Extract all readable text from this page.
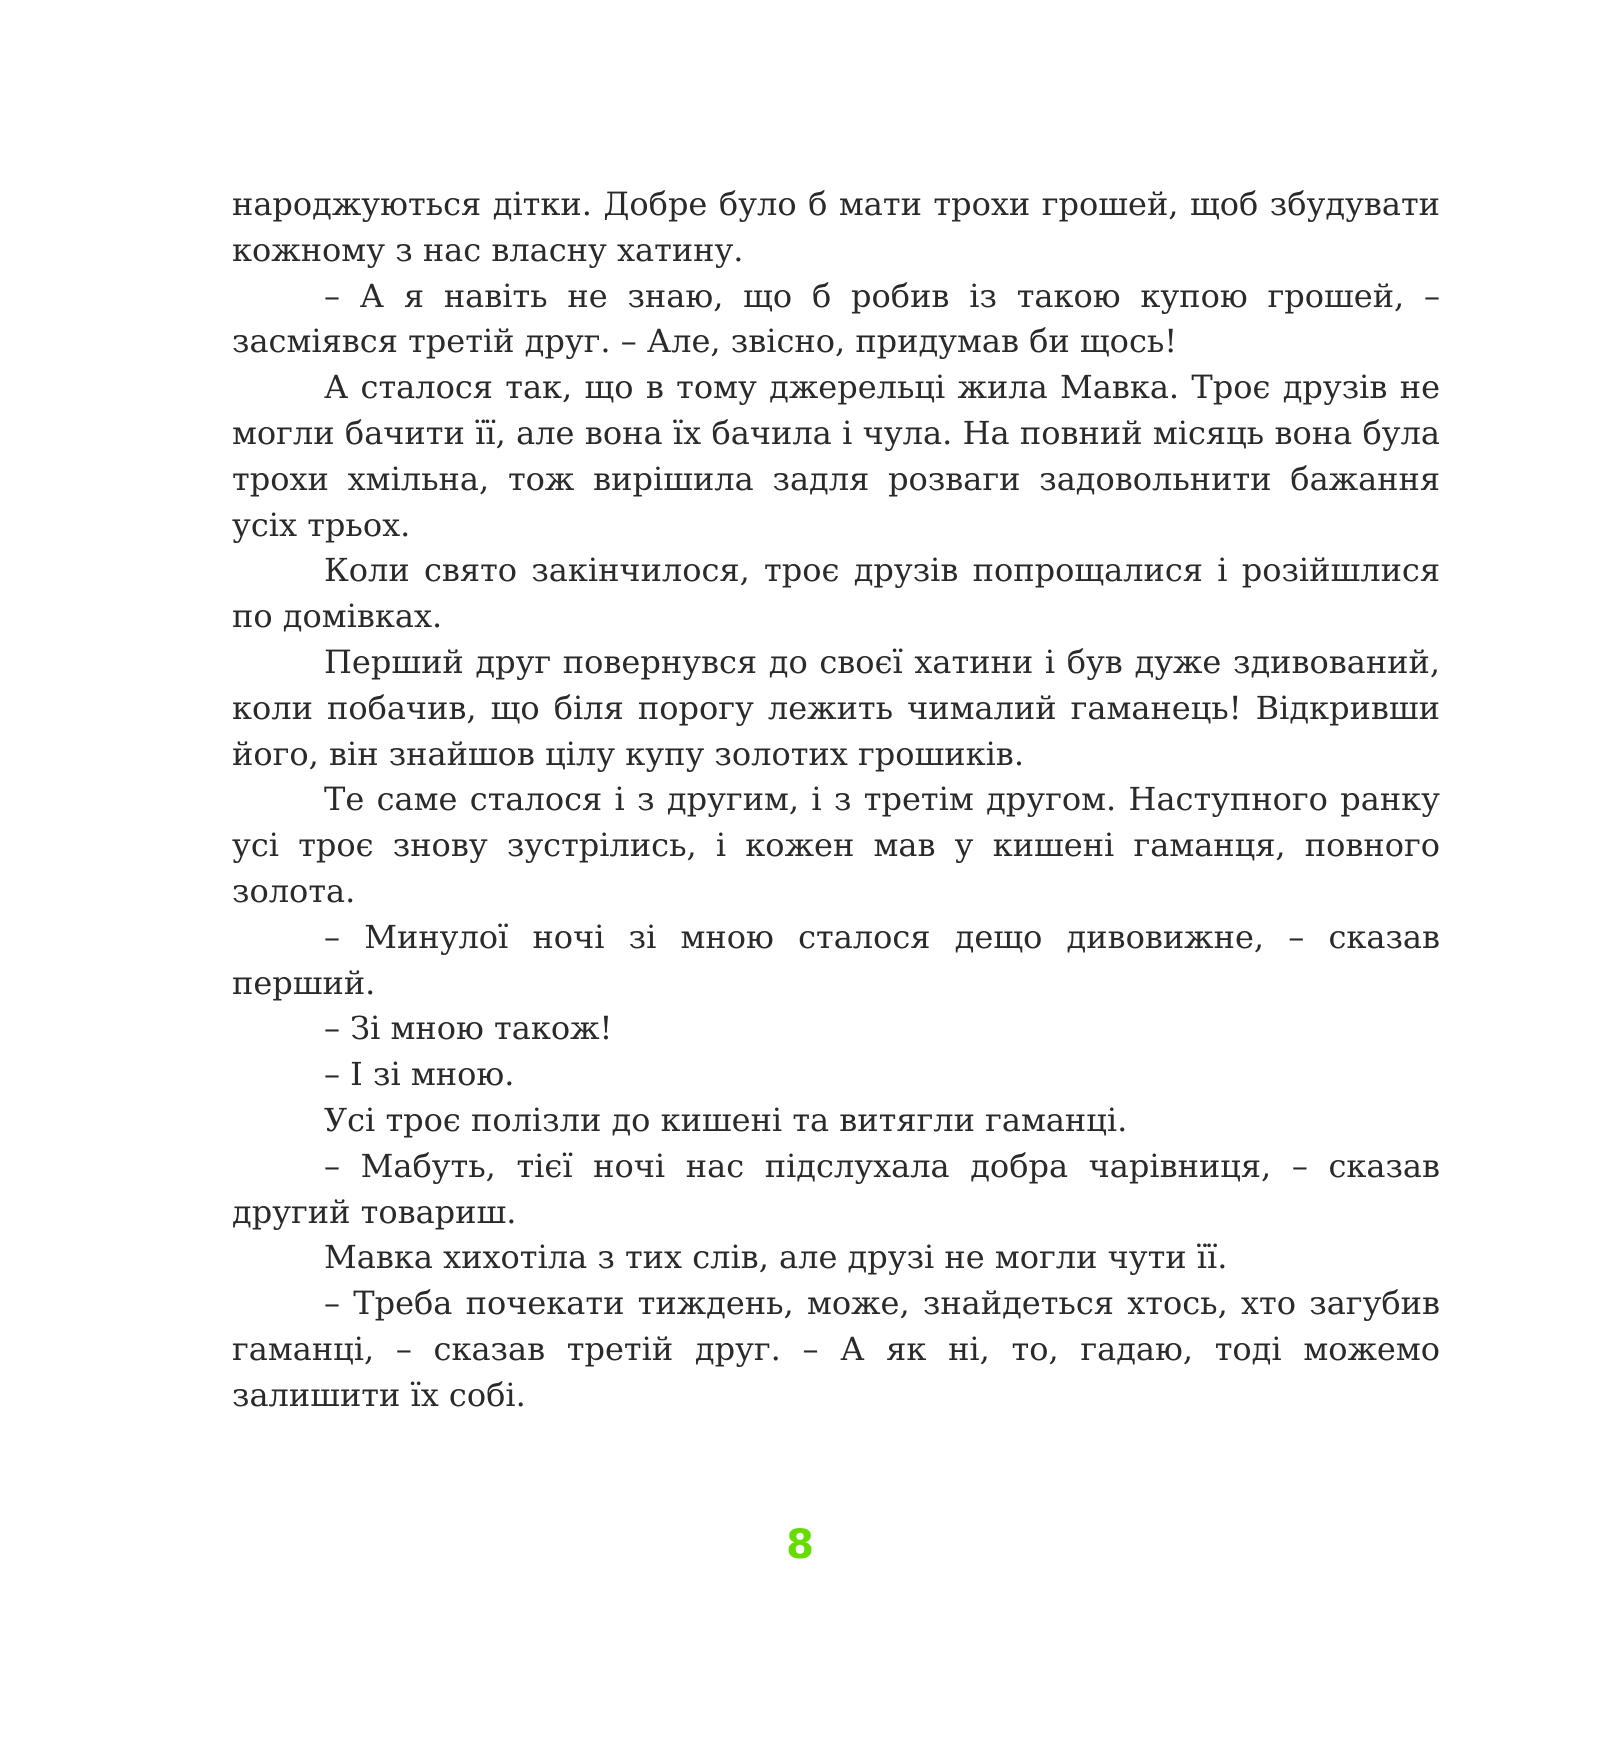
народжуються дітки. Добре було б мати трохи грошей, щоб збудувати кожному з нас власну хатину.

– А я навіть не знаю, що б робив із такою купою грошей, – засміявся третій друг. – Але, звісно, придумав би щось!

А сталося так, що в тому джерельці жила Мавка. Троє друзів не могли бачити її, але вона їх бачила і чула. На повний місяць вона була трохи хмільна, тож вирішила задля розваги задовольнити бажання усіх трьох.

Коли свято закінчилося, троє друзів попрощалися і розійшлися по домівках.

Перший друг повернувся до своєї хатини і був дуже здивований, коли побачив, що біля порогу лежить чималий гаманець! Відкривши його, він знайшов цілу купу золотих грошиків.

Те саме сталося і з другим, і з третім другом. Наступного ранку усі троє знову зустрілись, і кожен мав у кишені гаманця, повного золота.

– Минулої ночі зі мною сталося дещо дивовижне, – сказав перший.

– Зі мною також!

– І зі мною.

Усі троє полізли до кишені та витягли гаманці.

– Мабуть, тієї ночі нас підслухала добра чарівниця, – сказав другий товариш.

Мавка хихотіла з тих слів, але друзі не могли чути її.

– Треба почекати тиждень, може, знайдеться хтось, хто загубив гаманці, – сказав третій друг. – А як ні, то, гадаю, тоді можемо залишити їх собі.

8
